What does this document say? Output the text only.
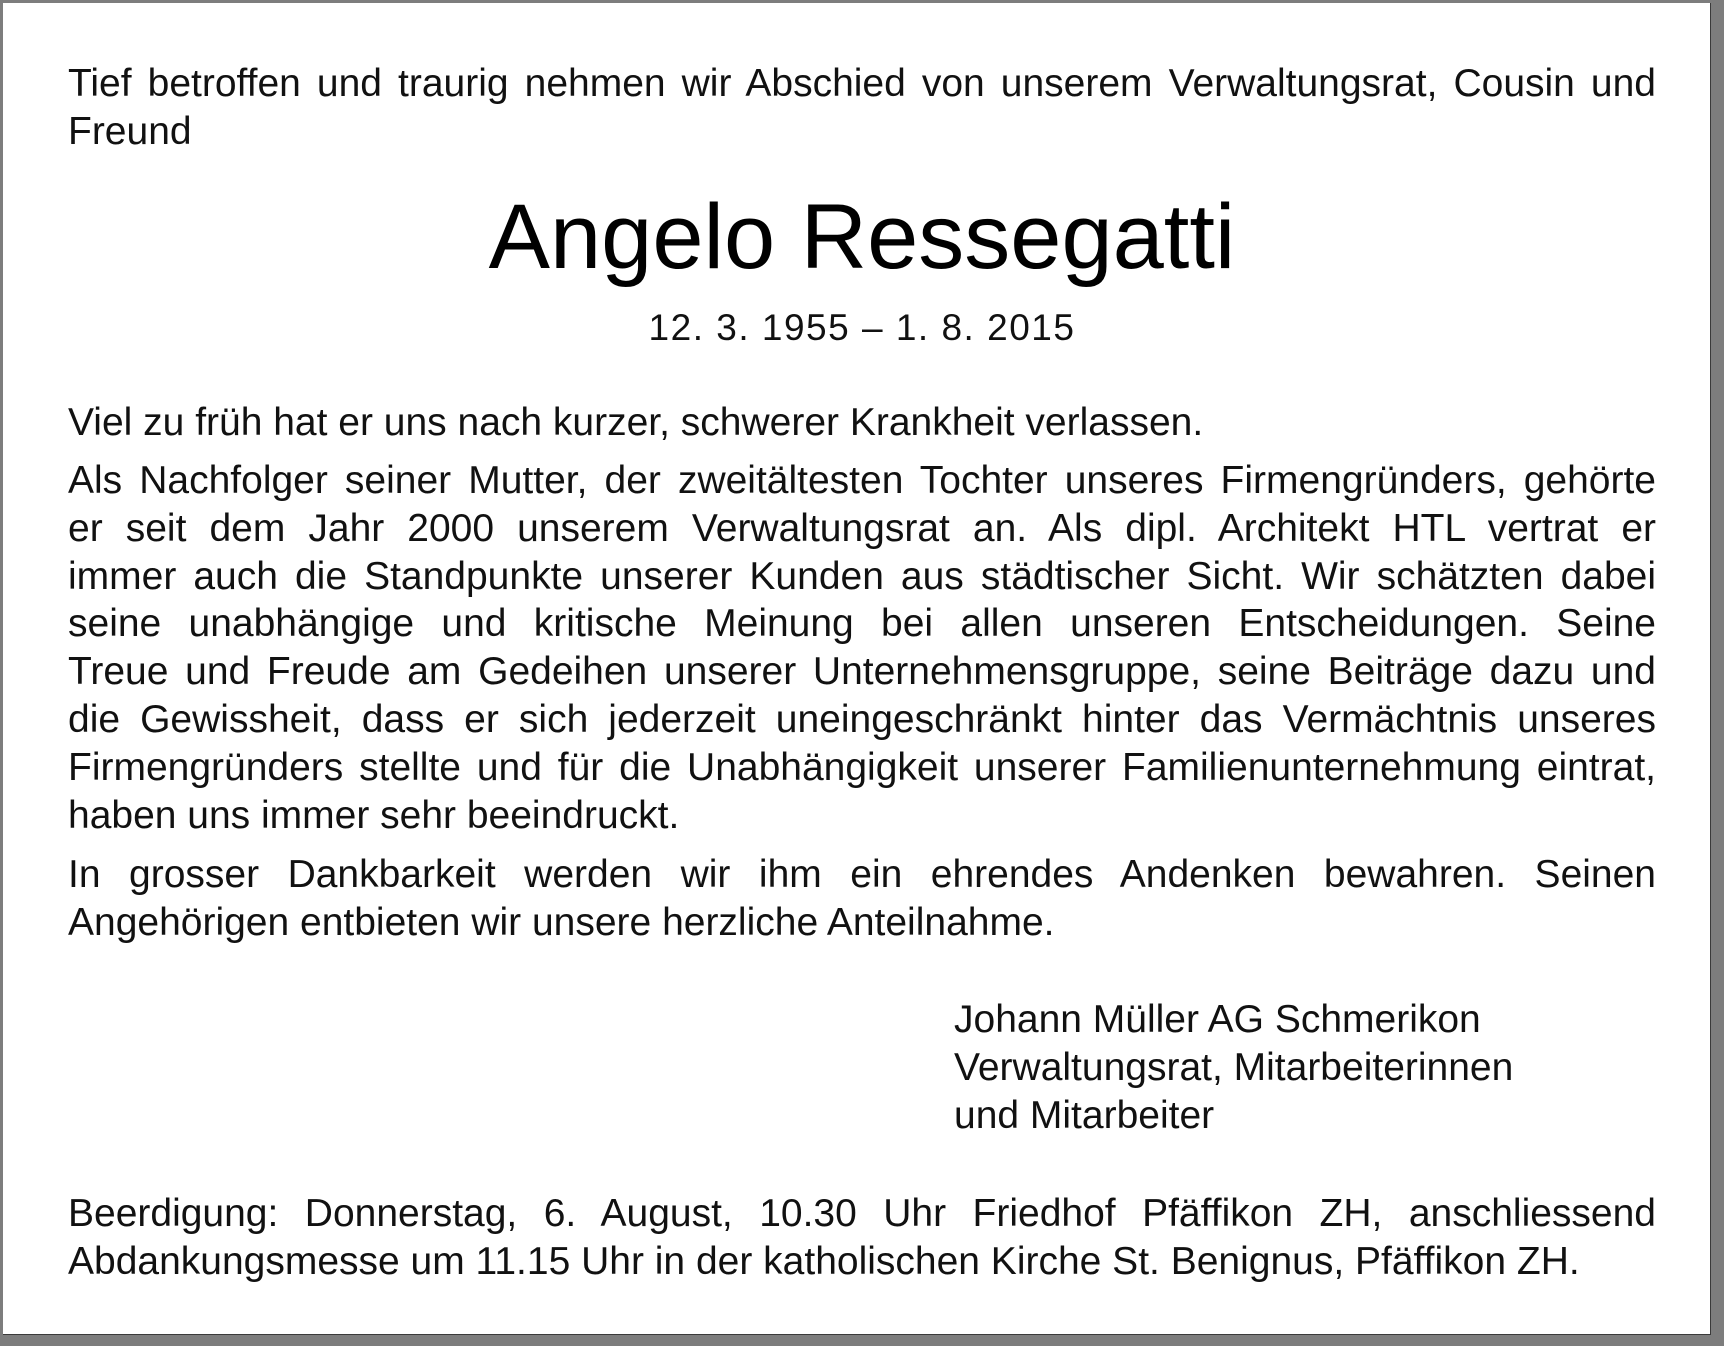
Tief betroffen und traurig nehmen wir Abschied von unserem Verwaltungsrat, Cousin und
Freund
Angelo Ressegatti
12. 3. 1955 – 1. 8. 2015
Viel zu früh hat er uns nach kurzer, schwerer Krankheit verlassen.
Als Nachfolger seiner Mutter, der zweitältesten Tochter unseres Firmengründers, gehörte
er seit dem Jahr 2000 unserem Verwaltungsrat an. Als dipl. Architekt HTL vertrat er
immer auch die Standpunkte unserer Kunden aus städtischer Sicht. Wir schätzten dabei
seine unabhängige und kritische Meinung bei allen unseren Entscheidungen. Seine
Treue und Freude am Gedeihen unserer Unternehmensgruppe, seine Beiträge dazu und
die Gewissheit, dass er sich jederzeit uneingeschränkt hinter das Vermächtnis unseres
Firmengründers stellte und für die Unabhängigkeit unserer Familienunternehmung eintrat,
haben uns immer sehr beeindruckt.
In grosser Dankbarkeit werden wir ihm ein ehrendes Andenken bewahren. Seinen
Angehörigen entbieten wir unsere herzliche Anteilnahme.
Johann Müller AG Schmerikon
Verwaltungsrat, Mitarbeiterinnen
und Mitarbeiter
Beerdigung: Donnerstag, 6. August, 10.30 Uhr Friedhof Pfäffikon ZH, anschliessend
Abdankungsmesse um 11.15 Uhr in der katholischen Kirche St. Benignus, Pfäffikon ZH.
